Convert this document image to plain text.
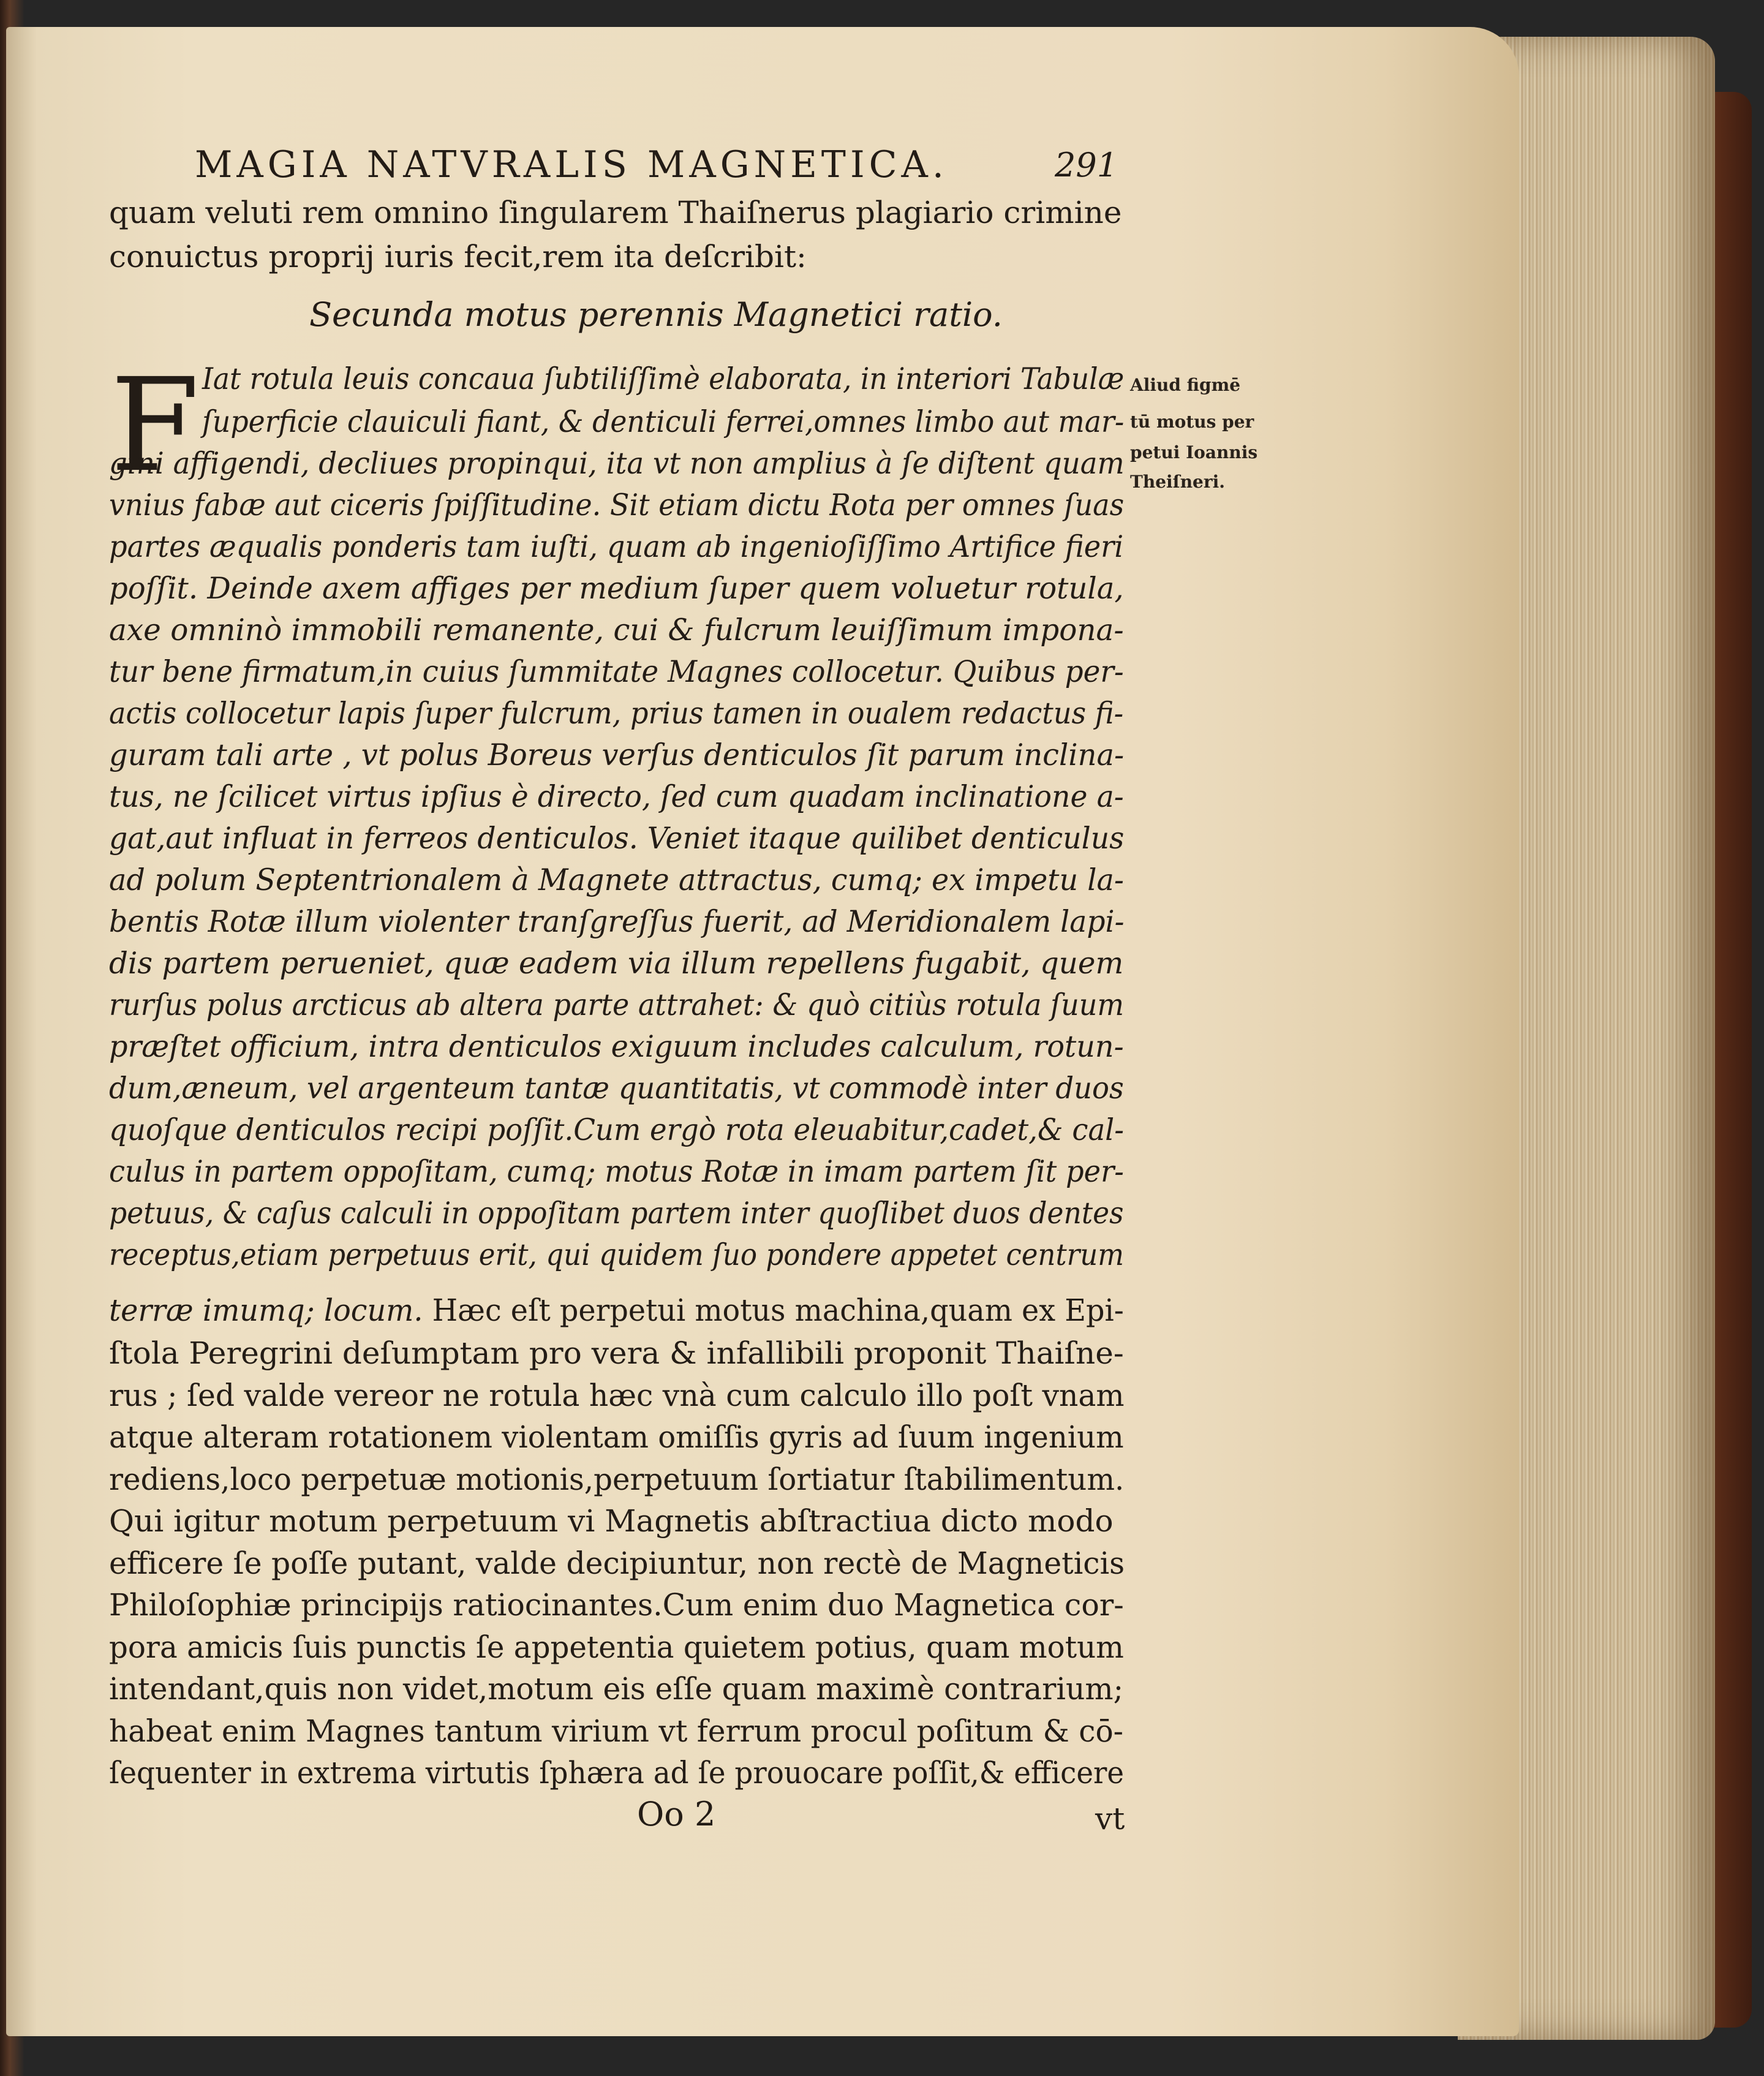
MAGIA NATVRALIS MAGNETICA.	291
quam veluti rem omnino ſingularem Thaiſnerus plagiario crimine
conuictus proprij iuris fecit,rem ita deſcribit:
Secunda motus perennis Magnetici ratio.
F Iat rotula leuis concaua ſubtiliſſimè elaborata, in interiori Tabulæ
ſuperficie clauiculi fiant, & denticuli ferrei,omnes limbo aut mar-
gini affigendi, decliues propinqui, ita vt non amplius à ſe diſtent quam
vnius fabæ aut ciceris ſpiſſitudine. Sit etiam dictu Rota per omnes ſuas
partes æqualis ponderis tam iuſti, quam ab ingenioſiſſimo Artifice fieri
poſſit. Deinde axem affiges per medium ſuper quem voluetur rotula,
axe omninò immobili remanente, cui & fulcrum leuiſſimum impona-
tur bene firmatum,in cuius ſummitate Magnes collocetur. Quibus per-
actis collocetur lapis ſuper fulcrum, prius tamen in oualem redactus fi-
guram tali arte , vt polus Boreus verſus denticulos ſit parum inclina-
tus, ne ſcilicet virtus ipſius è directo, ſed cum quadam inclinatione a-
gat,aut influat in ferreos denticulos. Veniet itaque quilibet denticulus
ad polum Septentrionalem à Magnete attractus, cumq; ex impetu la-
bentis Rotæ illum violenter tranſgreſſus fuerit, ad Meridionalem lapi-
dis partem perueniet, quæ eadem via illum repellens fugabit, quem
rurſus polus arcticus ab altera parte attrahet: & quò citiùs rotula ſuum
præſtet officium, intra denticulos exiguum includes calculum, rotun-
dum,æneum, vel argenteum tantæ quantitatis, vt commodè inter duos
quoſque denticulos recipi poſſit.Cum ergò rota eleuabitur,cadet,& cal-
culus in partem oppoſitam, cumq; motus Rotæ in imam partem ſit per-
petuus, & caſus calculi in oppoſitam partem inter quoſlibet duos dentes
receptus,etiam perpetuus erit, qui quidem ſuo pondere appetet centrum
ſtola Peregrini deſumptam pro vera & infallibili proponit Thaiſne-
rus ; ſed valde vereor ne rotula hæc vnà cum calculo illo poſt vnam
atque alteram rotationem violentam omiſſis gyris ad ſuum ingenium
rediens,loco perpetuæ motionis,perpetuum ſortiatur ſtabilimentum.
Qui igitur motum perpetuum vi Magnetis abſtractiua dicto modo
efficere ſe poſſe putant, valde decipiuntur, non rectè de Magneticis
Philoſophiæ principijs ratiocinantes.Cum enim duo Magnetica cor-
pora amicis ſuis punctis ſe appetentia quietem potius, quam motum
intendant,quis non videt,motum eis eſſe quam maximè contrarium;
habeat enim Magnes tantum virium vt ferrum procul poſitum & cō-
ſequenter in extrema virtutis ſphæra ad ſe prouocare poſſit,& efficere
terræ imumq; locum. Hæc eſt perpetui motus machina,quam ex Epi-
Aliud figmē
tū motus per
petui Ioannis
Theiſneri.
Oo 2	vt
